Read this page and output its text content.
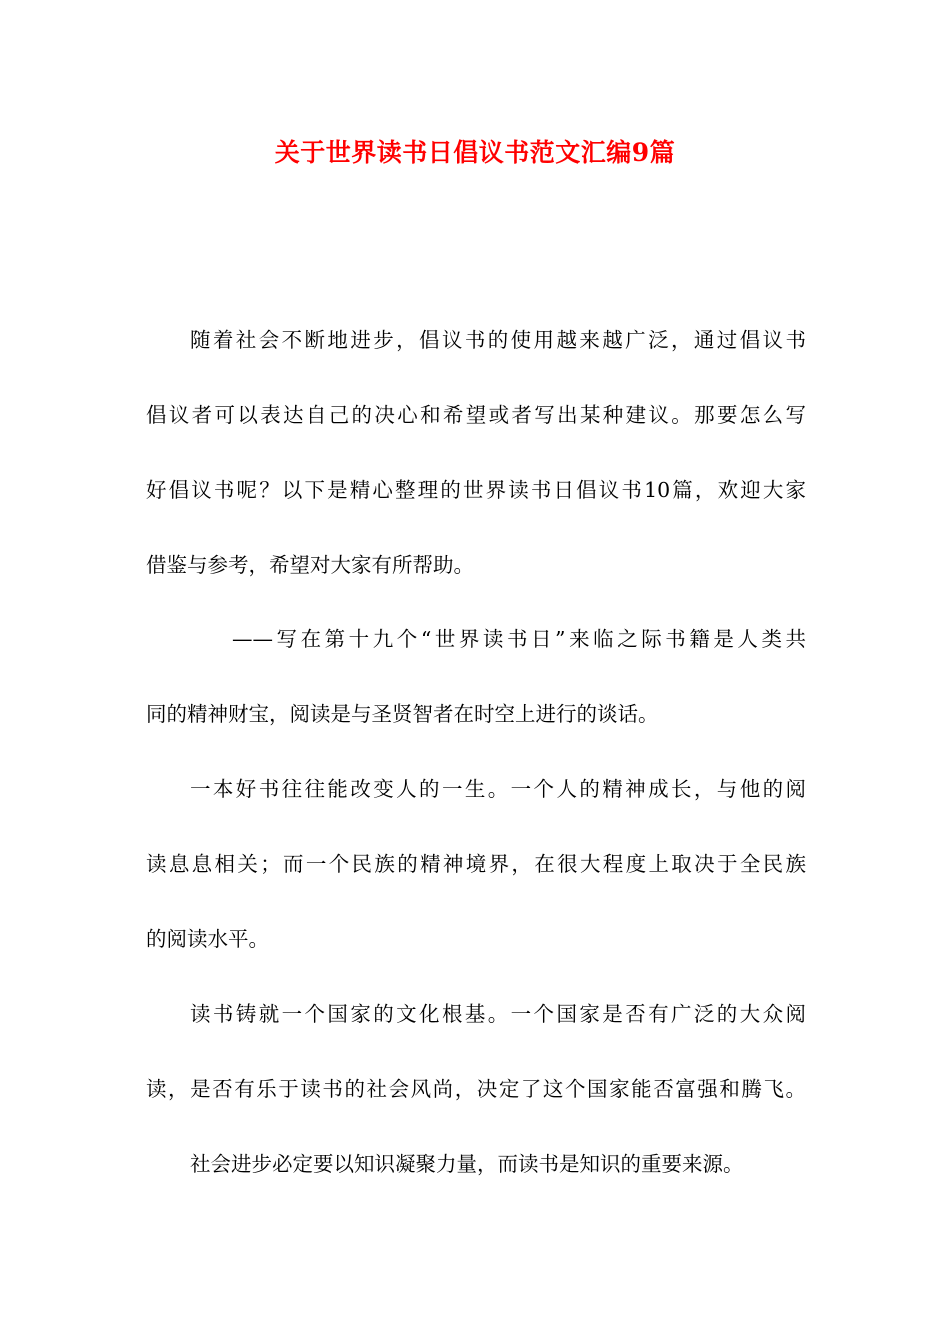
关于世界读书日倡议书范文汇编9篇
随着社会不断地进步，倡议书的使用越来越广泛，通过倡议书
倡议者可以表达自己的决心和希望或者写出某种建议。那要怎么写
好倡议书呢？以下是精心整理的世界读书日倡议书10篇，欢迎大家
借鉴与参考，希望对大家有所帮助。
——写在第十九个“世界读书日”来临之际书籍是人类共
同的精神财宝，阅读是与圣贤智者在时空上进行的谈话。
一本好书往往能改变人的一生。一个人的精神成长，与他的阅
读息息相关；而一个民族的精神境界，在很大程度上取决于全民族
的阅读水平。
读书铸就一个国家的文化根基。一个国家是否有广泛的大众阅
读，是否有乐于读书的社会风尚，决定了这个国家能否富强和腾飞。
社会进步必定要以知识凝聚力量，而读书是知识的重要来源。
